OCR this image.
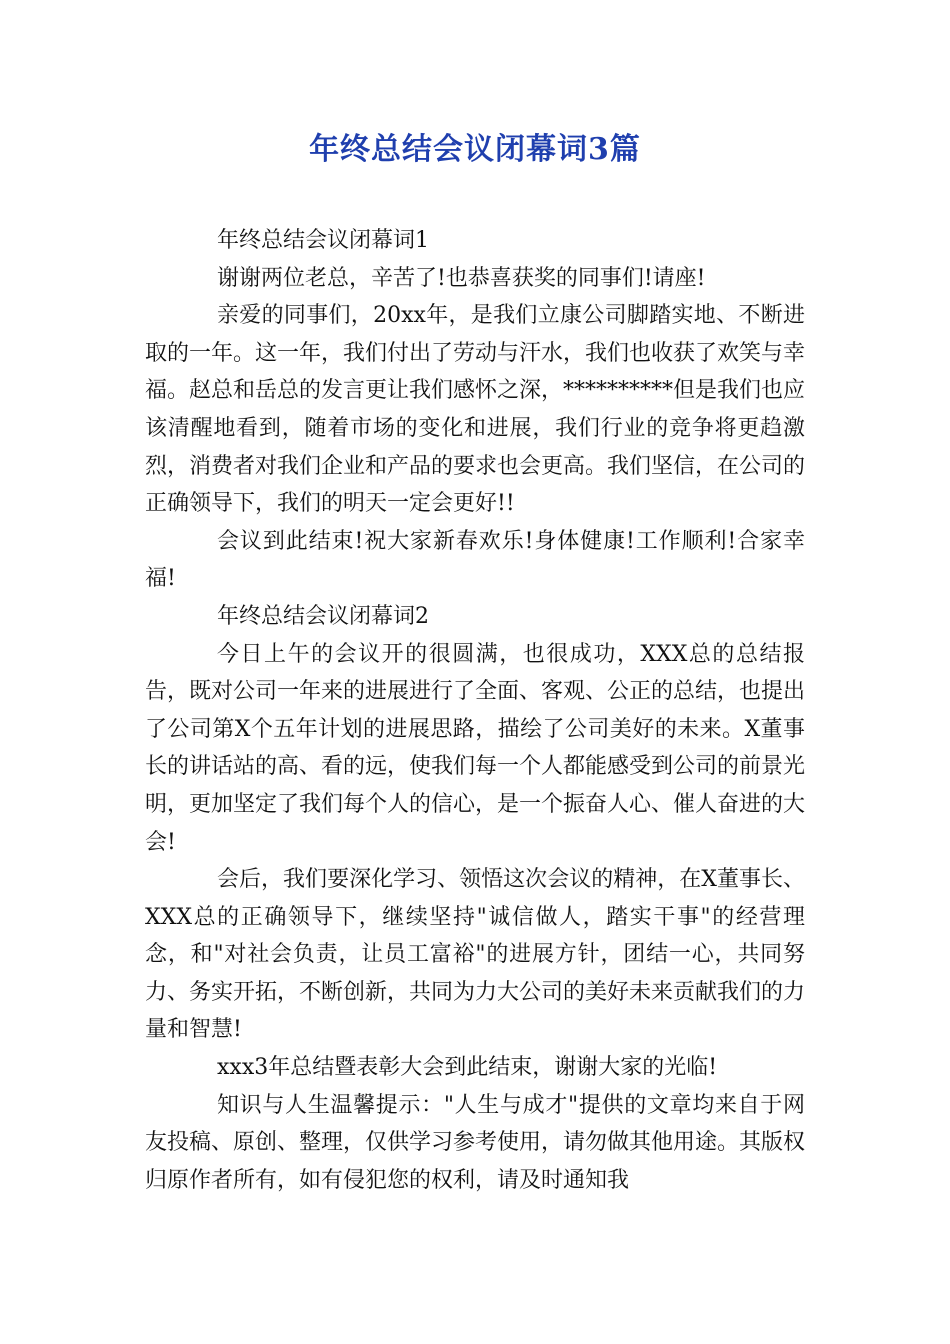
年终总结会议闭幕词3篇

年终总结会议闭幕词1

谢谢两位老总，辛苦了!也恭喜获奖的同事们!请座!

亲爱的同事们，20xx年，是我们立康公司脚踏实地、不断进取的一年。这一年，我们付出了劳动与汗水，我们也收获了欢笑与幸福。赵总和岳总的发言更让我们感怀之深，**********但是我们也应该清醒地看到，随着市场的变化和进展，我们行业的竞争将更趋激烈，消费者对我们企业和产品的要求也会更高。我们坚信，在公司的正确领导下，我们的明天一定会更好!!

会议到此结束!祝大家新春欢乐!身体健康!工作顺利!合家幸福!

年终总结会议闭幕词2

今日上午的会议开的很圆满，也很成功，XXX总的总结报告，既对公司一年来的进展进行了全面、客观、公正的总结，也提出了公司第X个五年计划的进展思路，描绘了公司美好的未来。X董事长的讲话站的高、看的远，使我们每一个人都能感受到公司的前景光明，更加坚定了我们每个人的信心，是一个振奋人心、催人奋进的大会!

会后，我们要深化学习、领悟这次会议的精神，在X董事长、XXX总的正确领导下，继续坚持"诚信做人，踏实干事"的经营理念，和"对社会负责，让员工富裕"的进展方针，团结一心，共同努力、务实开拓，不断创新，共同为力大公司的美好未来贡献我们的力量和智慧!

xxx3年总结暨表彰大会到此结束，谢谢大家的光临!

知识与人生温馨提示："人生与成才"提供的文章均来自于网友投稿、原创、整理，仅供学习参考使用，请勿做其他用途。其版权归原作者所有，如有侵犯您的权利，请及时通知我
